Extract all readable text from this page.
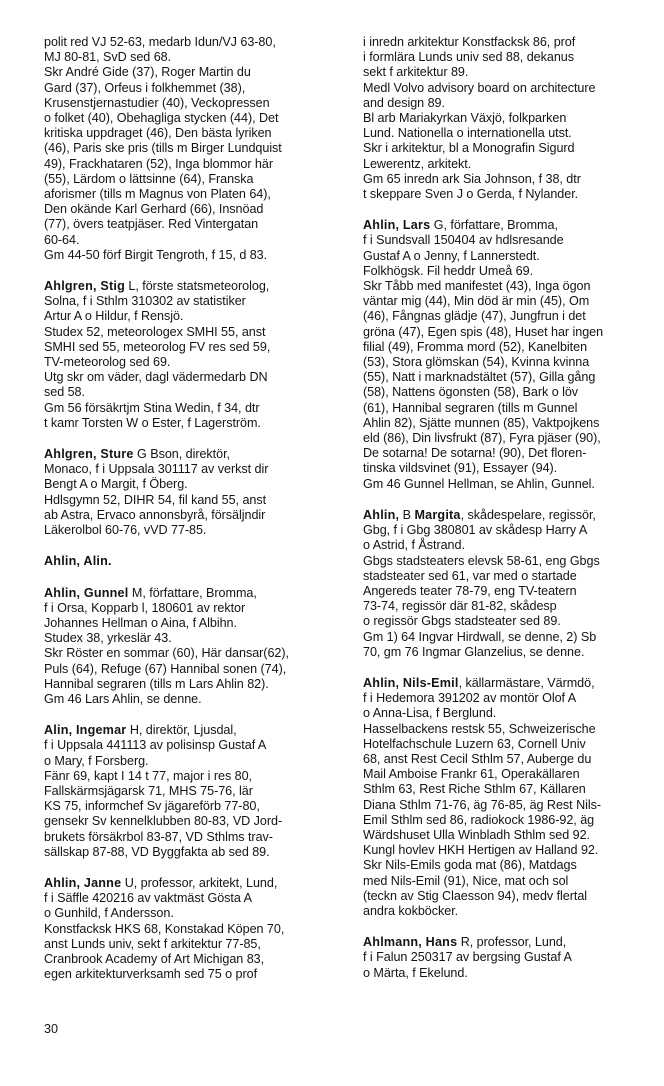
polit red VJ 52-63, medarb Idun/VJ 63-80,
MJ 80-81, SvD sed 68.
Skr André Gide (37), Roger Martin du
Gard (37), Orfeus i folkhemmet (38),
Krusenstjernastudier (40), Veckopressen
o folket (40), Obehagliga stycken (44), Det
kritiska uppdraget (46), Den bästa lyriken
(46), Paris ske pris (tills m Birger Lundquist
49), Frackhataren (52), Inga blommor här
(55), Lärdom o lättsinne (64), Franska
aforismer (tills m Magnus von Platen 64),
Den okände Karl Gerhard (66), Insnöad
(77), övers teatpjäser. Red Vintergatan
60-64.
Gm 44-50 förf Birgit Tengroth, f 15, d 83.
Ahlgren, Stig L, förste statsmeteorolog,
Solna, f i Sthlm 310302 av statistiker
Artur A o Hildur, f Rensjö.
Studex 52, meteorologex SMHI 55, anst
SMHI sed 55, meteorolog FV res sed 59,
TV-meteorolog sed 69.
Utg skr om väder, dagl vädermedarb DN
sed 58.
Gm 56 försäkrtjm Stina Wedin, f 34, dtr
t kamr Torsten W o Ester, f Lagerström.
Ahlgren, Sture G Bson, direktör,
Monaco, f i Uppsala 301117 av verkst dir
Bengt A o Margit, f Öberg.
Hdlsgymn 52, DIHR 54, fil kand 55, anst
ab Astra, Ervaco annonsbyrå, försäljndir
Läkerolbol 60-76, vVD 77-85.
Ahlin, Alin.
Ahlin, Gunnel M, författare, Bromma,
f i Orsa, Kopparb l, 180601 av rektor
Johannes Hellman o Aina, f Albihn.
Studex 38, yrkeslär 43.
Skr Röster en sommar (60), Här dansar(62),
Puls (64), Refuge (67) Hannibal sonen (74),
Hannibal segraren (tills m Lars Ahlin 82).
Gm 46 Lars Ahlin, se denne.
Alin, Ingemar H, direktör, Ljusdal,
f i Uppsala 441113 av polisinsp Gustaf A
o Mary, f Forsberg.
Fänr 69, kapt I 14 t 77, major i res 80,
Fallskärmsjägarsk 71, MHS 75-76, lär
KS 75, informchef Sv jägareförb 77-80,
gensekr Sv kennelklubben 80-83, VD Jord-
brukets försäkrbol 83-87, VD Sthlms trav-
sällskap 87-88, VD Byggfakta ab sed 89.
Ahlin, Janne U, professor, arkitekt, Lund,
f i Säffle 420216 av vaktmäst Gösta A
o Gunhild, f Andersson.
Konstfacksk HKS 68, Konstakad Köpen 70,
anst Lunds univ, sekt f arkitektur 77-85,
Cranbrook Academy of Art Michigan 83,
egen arkitekturverksamh sed 75 o prof
i inredn arkitektur Konstfacksk 86, prof
i formlära Lunds univ sed 88, dekanus
sekt f arkitektur 89.
Medl Volvo advisory board on architecture
and design 89.
Bl arb Mariakyrkan Växjö, folkparken
Lund. Nationella o internationella utst.
Skr i arkitektur, bl a Monografin Sigurd
Lewerentz, arkitekt.
Gm 65 inredn ark Sia Johnson, f 38, dtr
t skeppare Sven J o Gerda, f Nylander.
Ahlin, Lars G, författare, Bromma,
f i Sundsvall 150404 av hdlsresande
Gustaf A o Jenny, f Lannerstedt.
Folkhögsk. Fil heddr Umeå 69.
Skr Tåbb med manifestet (43), Inga ögon
väntar mig (44), Min död är min (45), Om
(46), Fångnas glädje (47), Jungfrun i det
gröna (47), Egen spis (48), Huset har ingen
filial (49), Fromma mord (52), Kanelbiten
(53), Stora glömskan (54), Kvinna kvinna
(55), Natt i marknadstältet (57), Gilla gång
(58), Nattens ögonsten (58), Bark o löv
(61), Hannibal segraren (tills m Gunnel
Ahlin 82), Sjätte munnen (85), Vaktpojkens
eld (86), Din livsfrukt (87), Fyra pjäser (90),
De sotarna! De sotarna! (90), Det floren-
tinska vildsvinet (91), Essayer (94).
Gm 46 Gunnel Hellman, se Ahlin, Gunnel.
Ahlin, B Margita, skådespelare, regissör,
Gbg, f i Gbg 380801 av skådesp Harry A
o Astrid, f Åstrand.
Gbgs stadsteaters elevsk 58-61, eng Gbgs
stadsteater sed 61, var med o startade
Angereds teater 78-79, eng TV-teatern
73-74, regissör där 81-82, skådesp
o regissör Gbgs stadsteater sed 89.
Gm 1) 64 Ingvar Hirdwall, se denne, 2) Sb
70, gm 76 Ingmar Glanzelius, se denne.
Ahlin, Nils-Emil, källarmästare, Värmdö,
f i Hedemora 391202 av montör Olof A
o Anna-Lisa, f Berglund.
Hasselbackens restsk 55, Schweizerische
Hotelfachschule Luzern 63, Cornell Univ
68, anst Rest Cecil Sthlm 57, Auberge du
Mail Amboise Frankr 61, Operakällaren
Sthlm 63, Rest Riche Sthlm 67, Källaren
Diana Sthlm 71-76, äg 76-85, äg Rest Nils-
Emil Sthlm sed 86, radiokock 1986-92, äg
Wärdshuset Ulla Winbladh Sthlm sed 92.
Kungl hovlev HKH Hertigen av Halland 92.
Skr Nils-Emils goda mat (86), Matdags
med Nils-Emil (91), Nice, mat och sol
(teckn av Stig Claesson 94), medv flertal
andra kokböcker.
Ahlmann, Hans R, professor, Lund,
f i Falun 250317 av bergsing Gustaf A
o Märta, f Ekelund.
30
